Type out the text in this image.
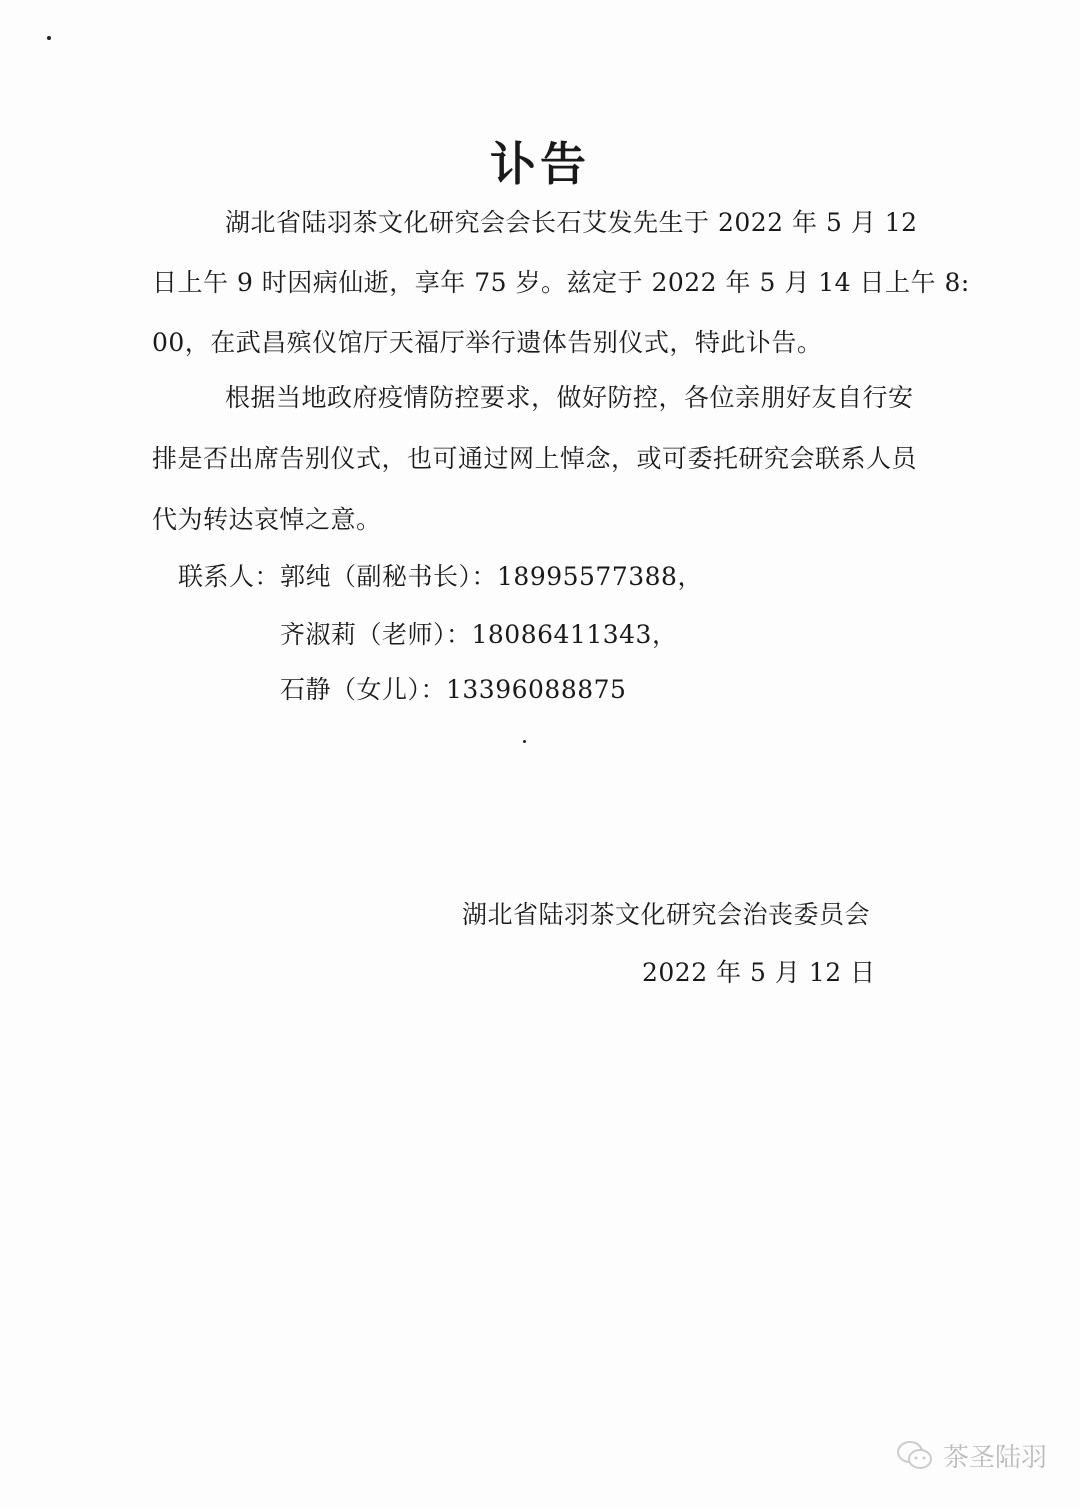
讣告
湖北省陆羽茶文化研究会会长石艾发先生于 2022 年 5 月 12
日上午 9 时因病仙逝，享年 75 岁。兹定于 2022 年 5 月 14 日上午 8:
00，在武昌殡仪馆厅天福厅举行遗体告别仪式，特此讣告。
根据当地政府疫情防控要求，做好防控，各位亲朋好友自行安
排是否出席告别仪式，也可通过网上悼念，或可委托研究会联系人员
代为转达哀悼之意。
联系人：郭纯（副秘书长）：18995577388，
齐淑莉（老师）：18086411343，
石静（女儿）：13396088875
湖北省陆羽茶文化研究会治丧委员会
2022 年 5 月 12 日
茶圣陆羽
